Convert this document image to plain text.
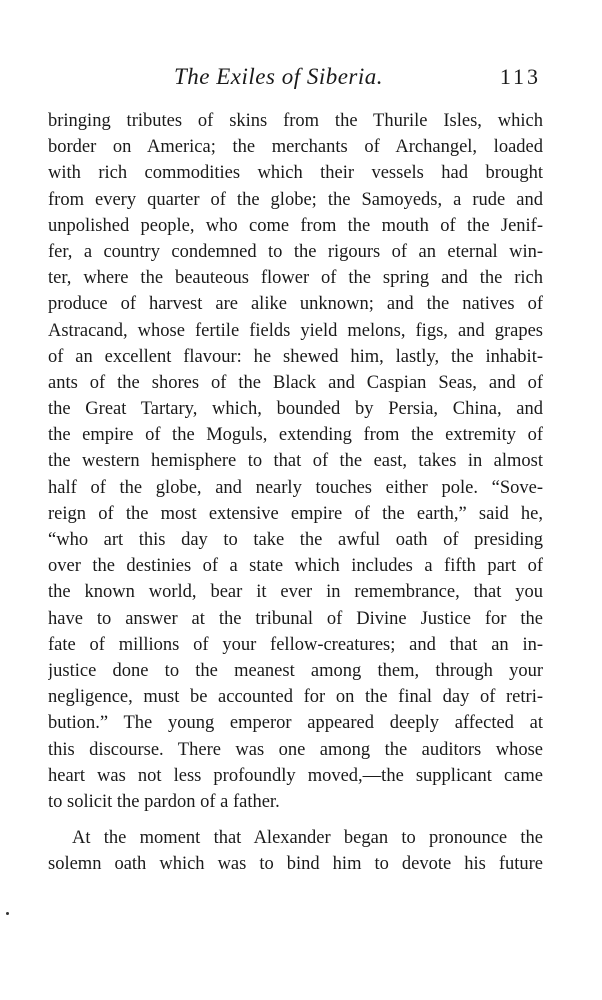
The Exiles of Siberia.	113
bringing tributes of skins from the Thurile Isles, which
border on America; the merchants of Archangel, loaded
with rich commodities which their vessels had brought
from every quarter of the globe; the Samoyeds, a rude and
unpolished people, who come from the mouth of the Jenif-
fer, a country condemned to the rigours of an eternal win-
ter, where the beauteous flower of the spring and the rich
produce of harvest are alike unknown; and the natives of
Astracand, whose fertile fields yield melons, figs, and grapes
of an excellent flavour: he shewed him, lastly, the inhabit-
ants of the shores of the Black and Caspian Seas, and of
the Great Tartary, which, bounded by Persia, China, and
the empire of the Moguls, extending from the extremity of
the western hemisphere to that of the east, takes in almost
half of the globe, and nearly touches either pole. “Sove-
reign of the most extensive empire of the earth,” said he,
“who art this day to take the awful oath of presiding
over the destinies of a state which includes a fifth part of
the known world, bear it ever in remembrance, that you
have to answer at the tribunal of Divine Justice for the
fate of millions of your fellow-creatures; and that an in-
justice done to the meanest among them, through your
negligence, must be accounted for on the final day of retri-
bution.” The young emperor appeared deeply affected at
this discourse. There was one among the auditors whose
heart was not less profoundly moved,—the supplicant came
to solicit the pardon of a father.
At the moment that Alexander began to pronounce the
solemn oath which was to bind him to devote his future
